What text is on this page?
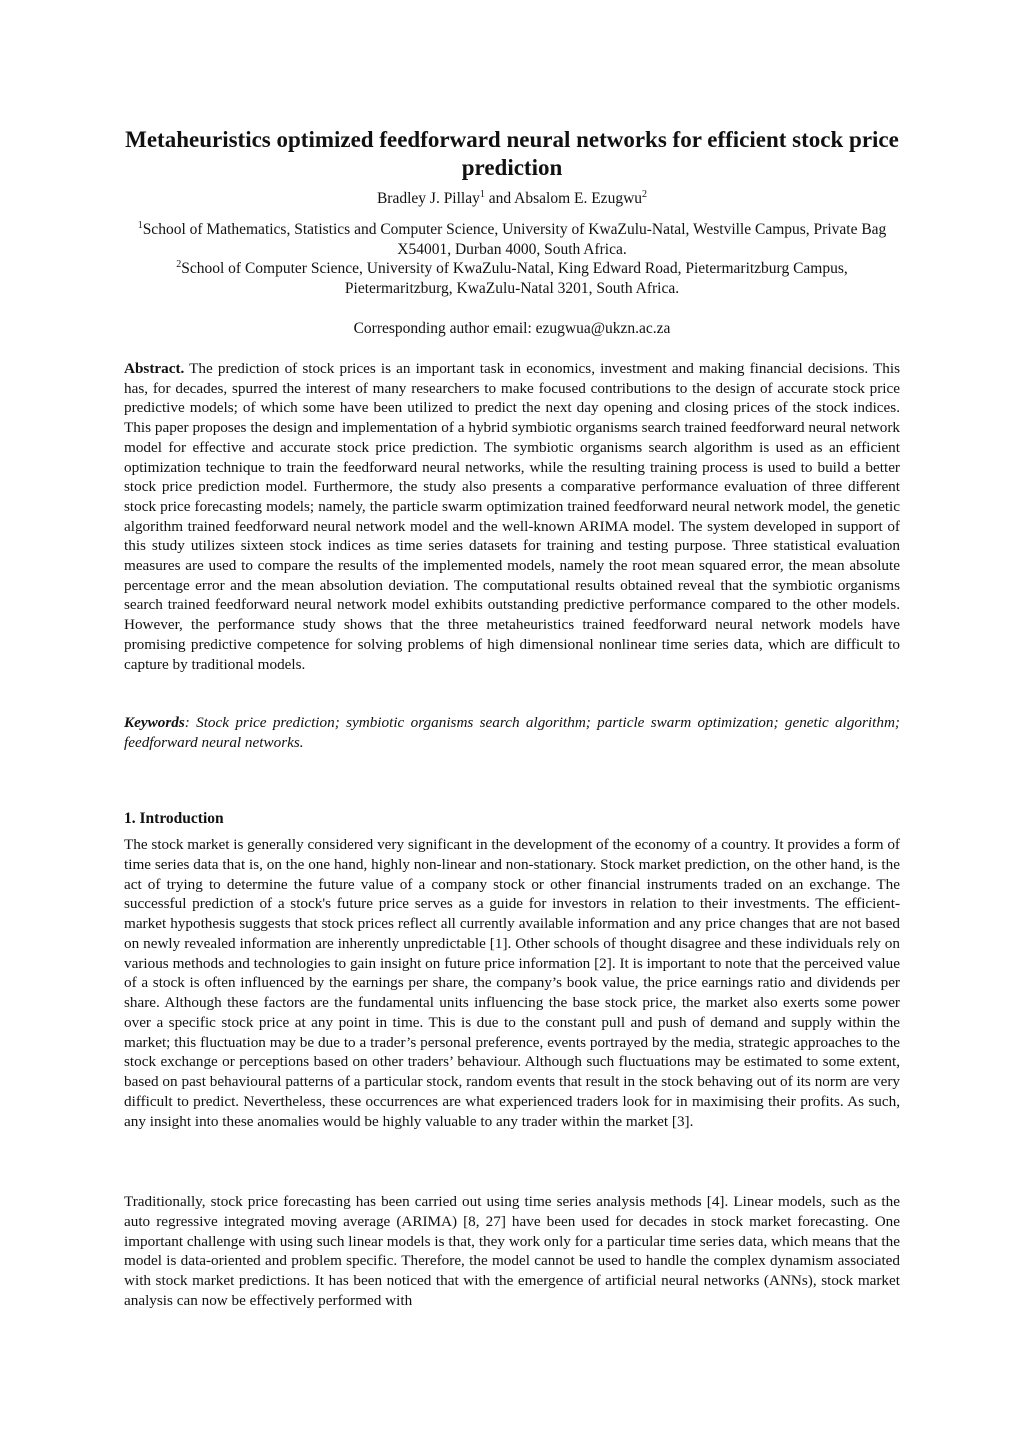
Metaheuristics optimized feedforward neural networks for efficient stock price prediction
Bradley J. Pillay$^1$ and Absalom E. Ezugwu$^2$
$^1$School of Mathematics, Statistics and Computer Science, University of KwaZulu-Natal, Westville Campus, Private Bag X54001, Durban 4000, South Africa.
$^2$School of Computer Science, University of KwaZulu-Natal, King Edward Road, Pietermaritzburg Campus, Pietermaritzburg, KwaZulu-Natal 3201, South Africa.
Corresponding author email: ezugwua@ukzn.ac.za

Abstract. The prediction of stock prices is an important task in economics, investment and making financial decisions. This has, for decades, spurred the interest of many researchers to make focused contributions to the design of accurate stock price predictive models; of which some have been utilized to predict the next day opening and closing prices of the stock indices. This paper proposes the design and implementation of a hybrid symbiotic organisms search trained feedforward neural network model for effective and accurate stock price prediction. The symbiotic organisms search algorithm is used as an efficient optimization technique to train the feedforward neural networks, while the resulting training process is used to build a better stock price prediction model. Furthermore, the study also presents a comparative performance evaluation of three different stock price forecasting models; namely, the particle swarm optimization trained feedforward neural network model, the genetic algorithm trained feedforward neural network model and the well-known ARIMA model. The system developed in support of this study utilizes sixteen stock indices as time series datasets for training and testing purpose. Three statistical evaluation measures are used to compare the results of the implemented models, namely the root mean squared error, the mean absolute percentage error and the mean absolution deviation. The computational results obtained reveal that the symbiotic organisms search trained feedforward neural network model exhibits outstanding predictive performance compared to the other models. However, the performance study shows that the three metaheuristics trained feedforward neural network models have promising predictive competence for solving problems of high dimensional nonlinear time series data, which are difficult to capture by traditional models.

Keywords: Stock price prediction; symbiotic organisms search algorithm; particle swarm optimization; genetic algorithm; feedforward neural networks.

1. Introduction

The stock market is generally considered very significant in the development of the economy of a country. It provides a form of time series data that is, on the one hand, highly non-linear and non-stationary. Stock market prediction, on the other hand, is the act of trying to determine the future value of a company stock or other financial instruments traded on an exchange. The successful prediction of a stock's future price serves as a guide for investors in relation to their investments. The efficient-market hypothesis suggests that stock prices reflect all currently available information and any price changes that are not based on newly revealed information are inherently unpredictable [1]. Other schools of thought disagree and these individuals rely on various methods and technologies to gain insight on future price information [2]. It is important to note that the perceived value of a stock is often influenced by the earnings per share, the company’s book value, the price earnings ratio and dividends per share. Although these factors are the fundamental units influencing the base stock price, the market also exerts some power over a specific stock price at any point in time. This is due to the constant pull and push of demand and supply within the market; this fluctuation may be due to a trader’s personal preference, events portrayed by the media, strategic approaches to the stock exchange or perceptions based on other traders’ behaviour. Although such fluctuations may be estimated to some extent, based on past behavioural patterns of a particular stock, random events that result in the stock behaving out of its norm are very difficult to predict. Nevertheless, these occurrences are what experienced traders look for in maximising their profits. As such, any insight into these anomalies would be highly valuable to any trader within the market [3].

Traditionally, stock price forecasting has been carried out using time series analysis methods [4]. Linear models, such as the auto regressive integrated moving average (ARIMA) [8, 27] have been used for decades in stock market forecasting. One important challenge with using such linear models is that, they work only for a particular time series data, which means that the model is data-oriented and problem specific. Therefore, the model cannot be used to handle the complex dynamism associated with stock market predictions. It has been noticed that with the emergence of artificial neural networks (ANNs), stock market analysis can now be effectively performed with
